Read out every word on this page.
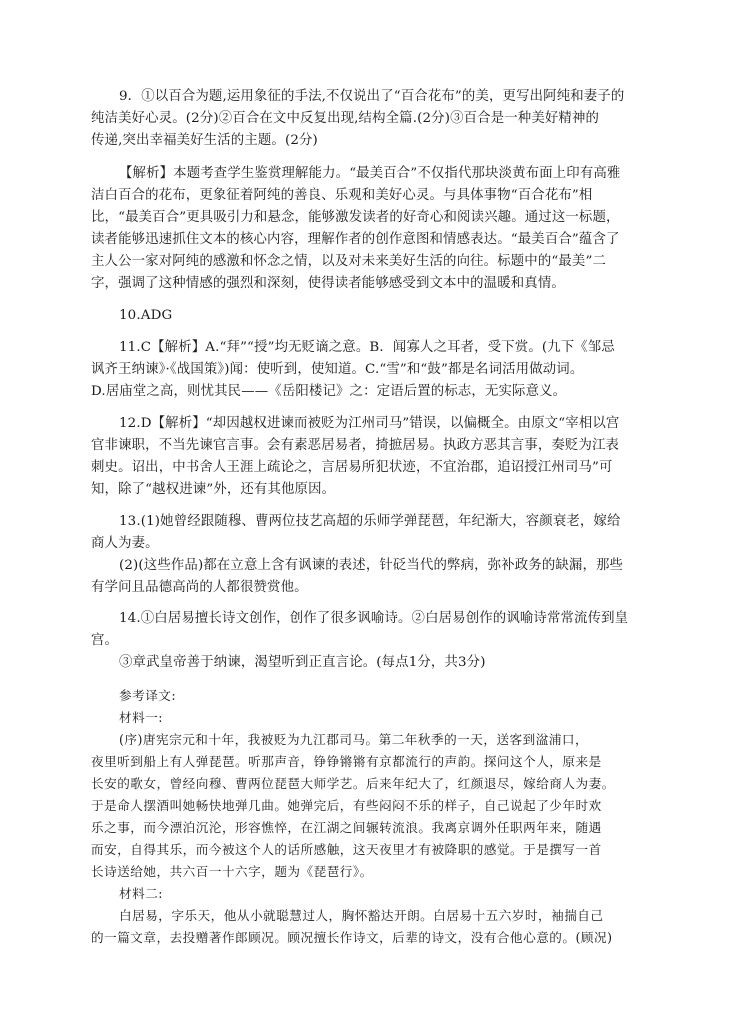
9．①以百合为题,运用象征的手法,不仅说出了“百合花布”的美，更写出阿纯和妻子的
纯洁美好心灵。(2分)②百合在文中反复出现,结构全篇.(2分)③百合是一种美好精神的
传递,突出幸福美好生活的主题。(2分)
【解析】本题考查学生鉴赏理解能力。“最美百合”不仅指代那块淡黄布面上印有高雅
洁白百合的花布，更象征着阿纯的善良、乐观和美好心灵。与具体事物“百合花布”相
比，“最美百合”更具吸引力和悬念，能够激发读者的好奇心和阅读兴趣。通过这一标题，
读者能够迅速抓住文本的核心内容，理解作者的创作意图和情感表达。“最美百合”蕴含了
主人公一家对阿纯的感激和怀念之情，以及对未来美好生活的向往。标题中的“最美”二
字，强调了这种情感的强烈和深刻，使得读者能够感受到文本中的温暖和真情。
10.ADG
11.C【解析】A.“拜”“授”均无贬谪之意。B．闻寡人之耳者，受下赏。(九下《邹忌
讽齐王纳谏》·《战国策》)闻：使听到，使知道。C.“雪”和“鼓”都是名词活用做动词。
D.居庙堂之高，则忧其民——《岳阳楼记》之：定语后置的标志，无实际意义。
12.D【解析】“却因越权进谏而被贬为江州司马”错误，以偏概全。由原文“宰相以宫
官非谏职，不当先谏官言事。会有素恶居易者，掎摭居易。执政方恶其言事，奏贬为江表
刺史。诏出，中书舍人王涯上疏论之，言居易所犯状迹，不宜治郡，追诏授江州司马”可
知，除了“越权进谏”外，还有其他原因。
13.(1)她曾经跟随穆、曹两位技艺高超的乐师学弹琵琶，年纪渐大，容颜衰老，嫁给
商人为妻。
(2)(这些作品)都在立意上含有讽谏的表述，针砭当代的弊病，弥补政务的缺漏，那些
有学问且品德高尚的人都很赞赏他。
14.①白居易擅长诗文创作，创作了很多讽喻诗。②白居易创作的讽喻诗常常流传到皇
宫。
③章武皇帝善于纳谏，渴望听到正直言论。(每点1分，共3分)
参考译文:
材料一:
(序)唐宪宗元和十年，我被贬为九江郡司马。第二年秋季的一天，送客到湓浦口，
夜里听到船上有人弹琵琶。听那声音，铮铮锵锵有京都流行的声韵。探问这个人，原来是
长安的歌女，曾经向穆、曹两位琵琶大师学艺。后来年纪大了，红颜退尽，嫁给商人为妻。
于是命人摆酒叫她畅快地弹几曲。她弹完后，有些闷闷不乐的样子，自己说起了少年时欢
乐之事，而今漂泊沉沦，形容憔悴，在江湖之间辗转流浪。我离京调外任职两年来，随遇
而安，自得其乐，而今被这个人的话所感触，这天夜里才有被降职的感觉。于是撰写一首
长诗送给她，共六百一十六字，题为《琵琶行》。
材料二:
白居易，字乐天，他从小就聪慧过人，胸怀豁达开朗。白居易十五六岁时，袖揣自己
的一篇文章，去投赠著作郎顾况。顾况擅长作诗文，后辈的诗文，没有合他心意的。(顾况)
